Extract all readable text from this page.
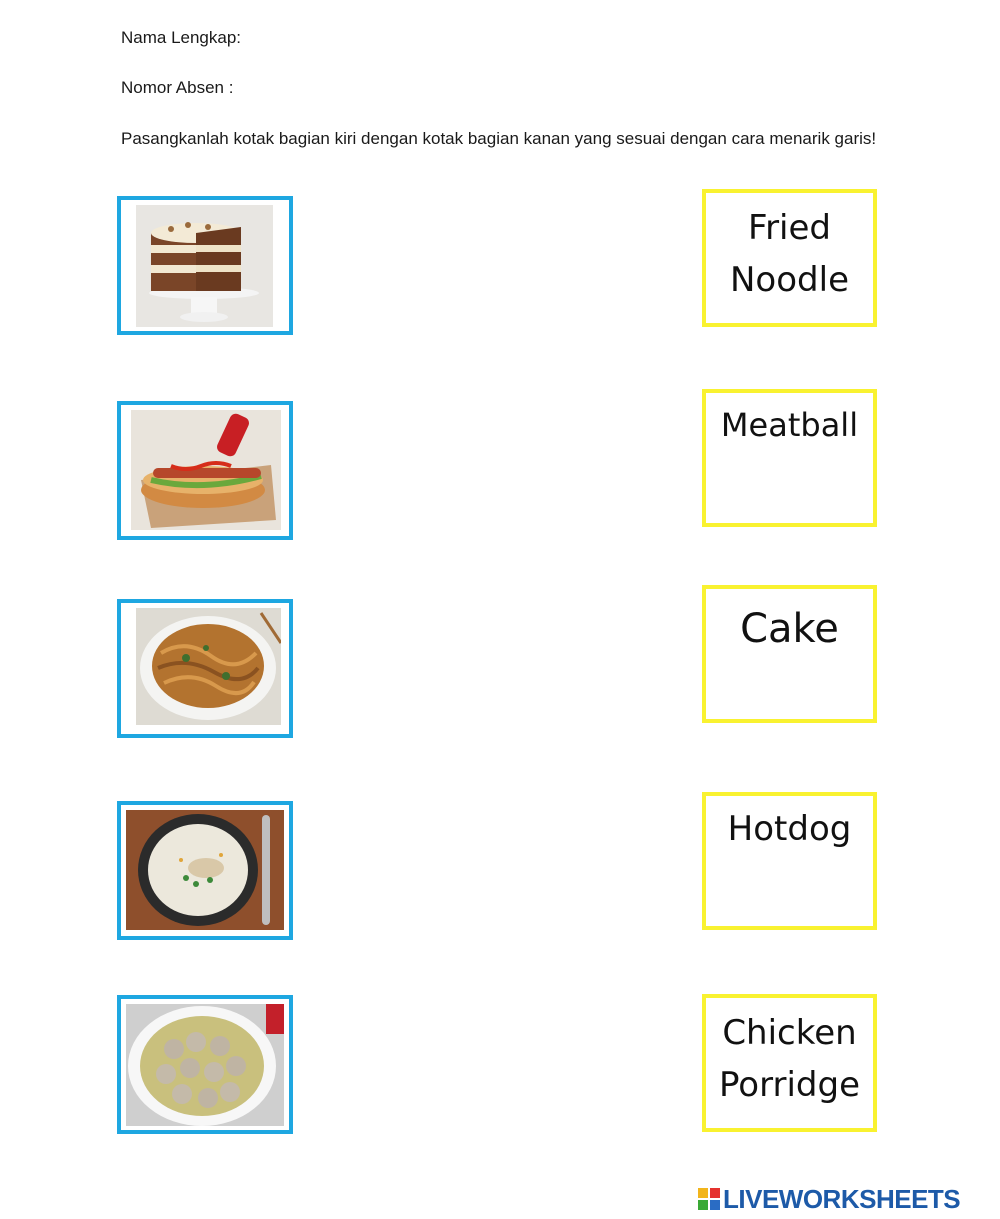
Nama Lengkap:
Nomor Absen :
Pasangkanlah kotak bagian kiri dengan kotak bagian kanan yang sesuai dengan cara menarik garis!
Fried
Noodle
Meatball
Cake
Hotdog
Chicken
Porridge
LIVEWORKSHEETS
